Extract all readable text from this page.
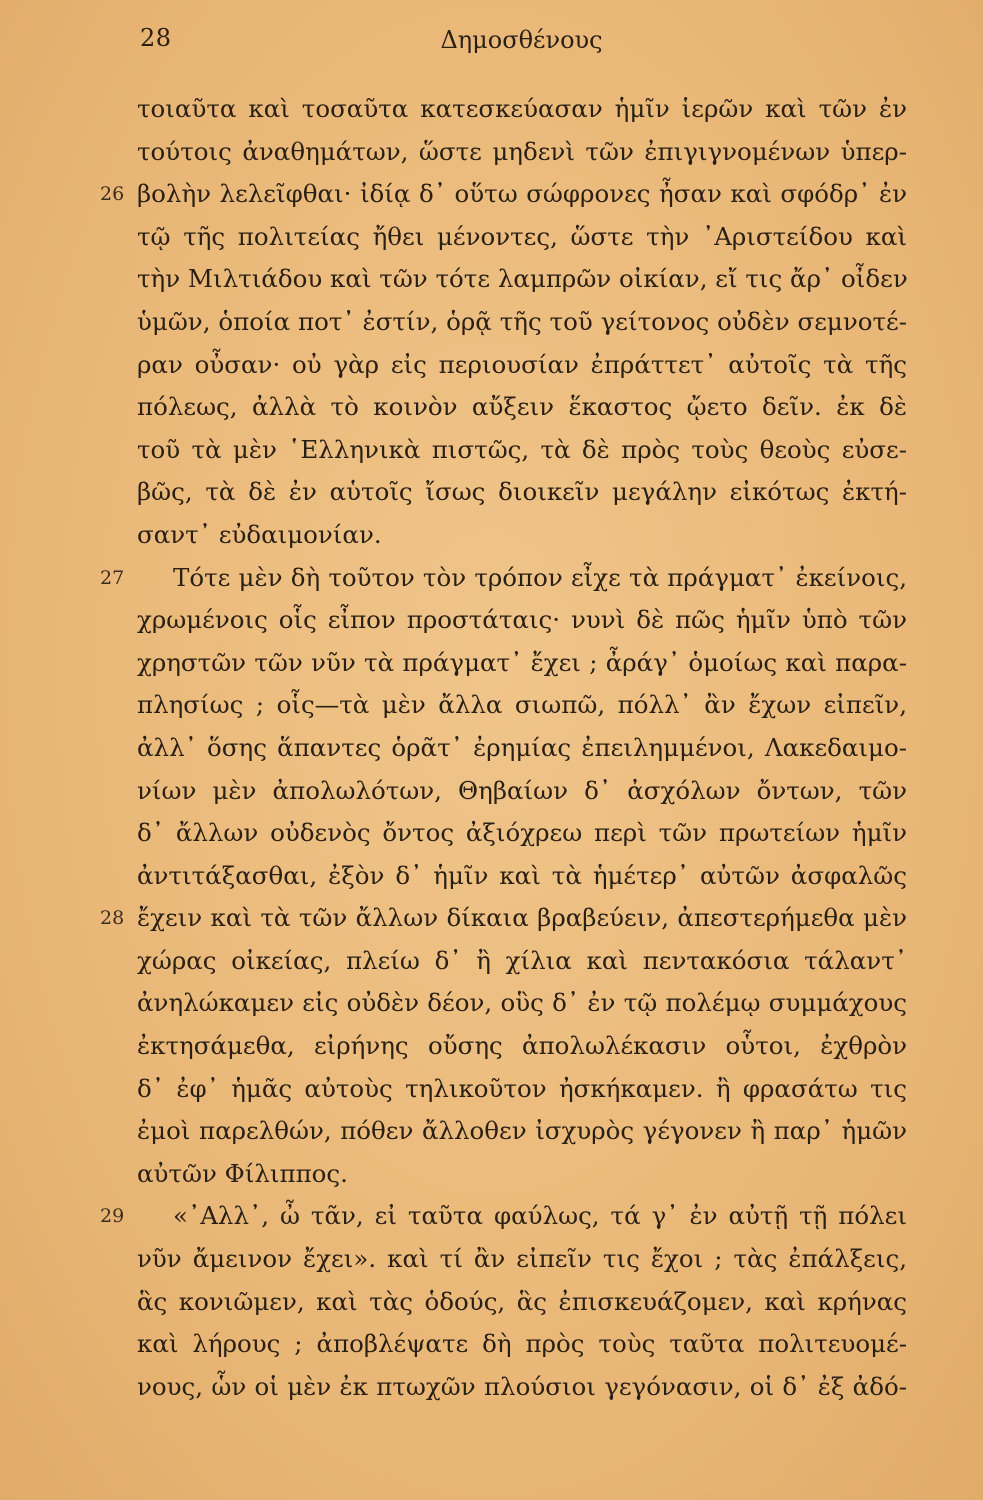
28	Δημοσθένους
τοιαῦτα καὶ τοσαῦτα κατεσκεύασαν ἡμῖν ἱερῶν καὶ τῶν ἐν
τούτοις ἀναθημάτων, ὥστε μηδενὶ τῶν ἐπιγιγνομένων ὑπερ-
26 βολὴν λελεῖφθαι· ἰδίᾳ δ᾽ οὕτω σώφρονες ἦσαν καὶ σφόδρ᾽ ἐν
τῷ τῆς πολιτείας ἤθει μένοντες, ὥστε τὴν ᾿Αριστείδου καὶ
τὴν Μιλτιάδου καὶ τῶν τότε λαμπρῶν οἰκίαν, εἴ τις ἄρ᾽ οἶδεν
ὑμῶν, ὁποία ποτ᾽ ἐστίν, ὁρᾷ τῆς τοῦ γείτονος οὐδὲν σεμνοτέ-
ραν οὖσαν· οὐ γὰρ εἰς περιουσίαν ἐπράττετ᾽ αὐτοῖς τὰ τῆς
πόλεως, ἀλλὰ τὸ κοινὸν αὔξειν ἕκαστος ᾤετο δεῖν. ἐκ δὲ
τοῦ τὰ μὲν ῾Ελληνικὰ πιστῶς, τὰ δὲ πρὸς τοὺς θεοὺς εὐσε-
βῶς, τὰ δὲ ἐν αὑτοῖς ἴσως διοικεῖν μεγάλην εἰκότως ἐκτή-
σαντ᾽ εὐδαιμονίαν.
27 Τότε μὲν δὴ τοῦτον τὸν τρόπον εἶχε τὰ πράγματ᾽ ἐκείνοις,
χρωμένοις οἷς εἶπον προστάταις· νυνὶ δὲ πῶς ἡμῖν ὑπὸ τῶν
χρηστῶν τῶν νῦν τὰ πράγματ᾽ ἔχει ; ἆράγ᾽ ὁμοίως καὶ παρα-
πλησίως ; οἷς—τὰ μὲν ἄλλα σιωπῶ, πόλλ᾽ ἂν ἔχων εἰπεῖν,
ἀλλ᾽ ὅσης ἅπαντες ὁρᾶτ᾽ ἐρημίας ἐπειλημμένοι, Λακεδαιμο-
νίων μὲν ἀπολωλότων, Θηβαίων δ᾽ ἀσχόλων ὄντων, τῶν
δ᾽ ἄλλων οὐδενὸς ὄντος ἀξιόχρεω περὶ τῶν πρωτείων ἡμῖν
ἀντιτάξασθαι, ἐξὸν δ᾽ ἡμῖν καὶ τὰ ἡμέτερ᾽ αὐτῶν ἀσφαλῶς
28 ἔχειν καὶ τὰ τῶν ἄλλων δίκαια βραβεύειν, ἀπεστερήμεθα μὲν
χώρας οἰκείας, πλείω δ᾽ ἢ χίλια καὶ πεντακόσια τάλαντ᾽
ἀνηλώκαμεν εἰς οὐδὲν δέον, οὓς δ᾽ ἐν τῷ πολέμῳ συμμάχους
ἐκτησάμεθα, εἰρήνης οὔσης ἀπολωλέκασιν οὗτοι, ἐχθρὸν
δ᾽ ἐφ᾽ ἡμᾶς αὐτοὺς τηλικοῦτον ἠσκήκαμεν. ἢ φρασάτω τις
ἐμοὶ παρελθών, πόθεν ἄλλοθεν ἰσχυρὸς γέγονεν ἢ παρ᾽ ἡμῶν
αὐτῶν Φίλιππος.
29 «᾽Αλλ᾽, ὦ τᾶν, εἰ ταῦτα φαύλως, τά γ᾽ ἐν αὐτῇ τῇ πόλει
νῦν ἄμεινον ἔχει». καὶ τί ἂν εἰπεῖν τις ἔχοι ; τὰς ἐπάλξεις,
ἃς κονιῶμεν, καὶ τὰς ὁδούς, ἃς ἐπισκευάζομεν, καὶ κρήνας
καὶ λήρους ; ἀποβλέψατε δὴ πρὸς τοὺς ταῦτα πολιτευομέ-
νους, ὧν οἱ μὲν ἐκ πτωχῶν πλούσιοι γεγόνασιν, οἱ δ᾽ ἐξ ἀδό-
